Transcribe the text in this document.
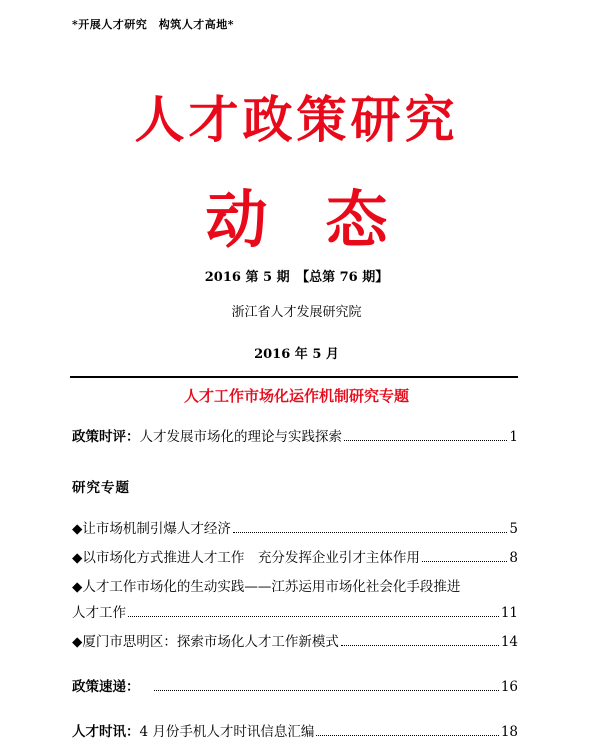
*开展人才研究　构筑人才高地*
人才政策研究
动态
2016 第 5 期　【总第 76 期】
浙江省人才发展研究院
2016 年 5 月
人才工作市场化运作机制研究专题
政策时评：人才发展市场化的理论与实践探索	1
研究专题
◆让市场机制引爆人才经济	5
◆以市场化方式推进人才工作　充分发挥企业引才主体作用	8
◆人才工作市场化的生动实践——江苏运用市场化社会化手段推进
人才工作	11
◆厦门市思明区：探索市场化人才工作新模式	14
政策速递：	16
人才时讯：4 月份手机人才时讯信息汇编	18
